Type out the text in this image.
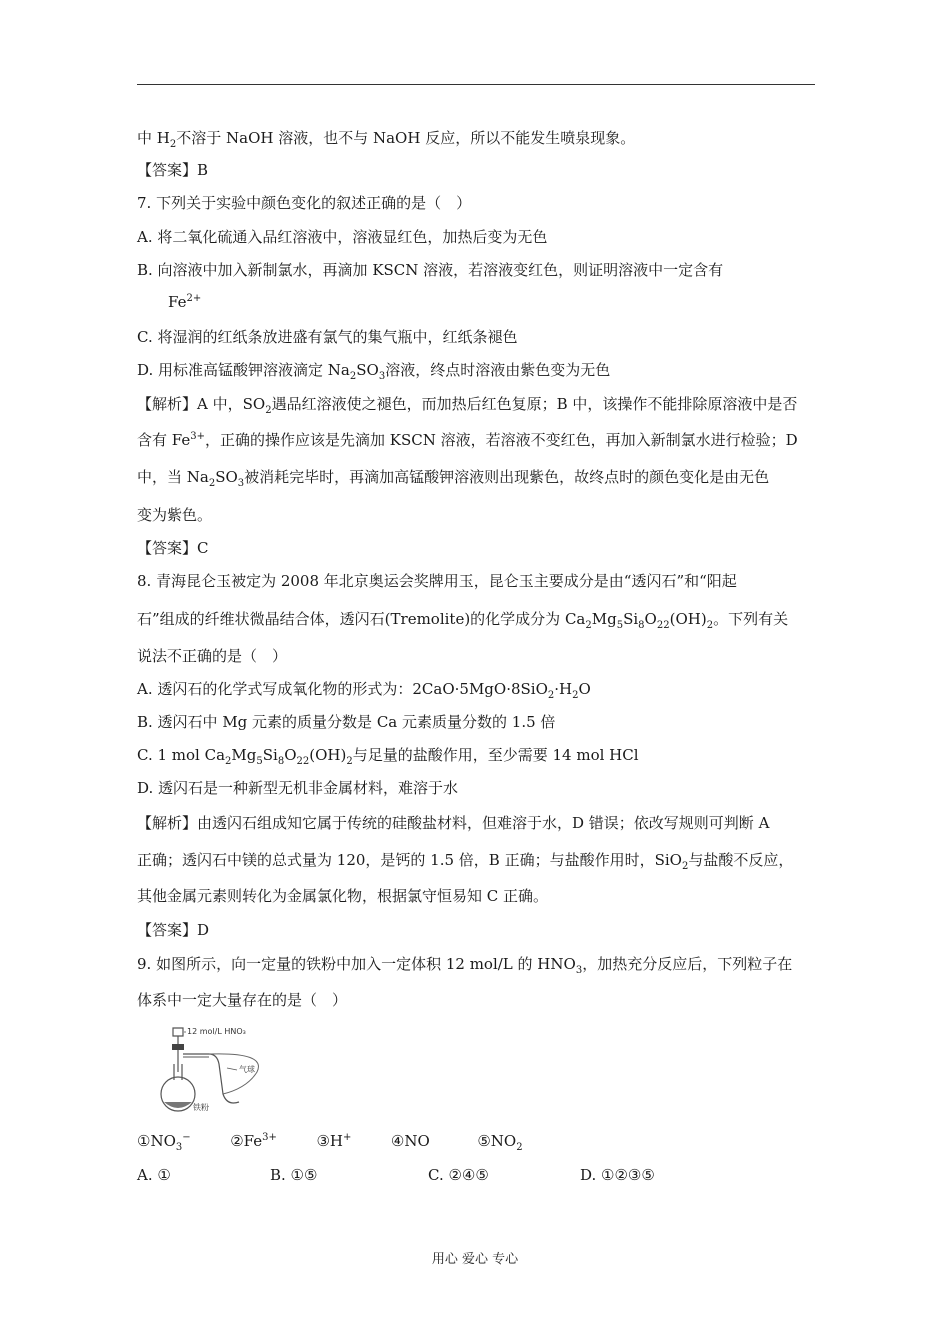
中 $H_2$不溶于 NaOH 溶液，也不与 NaOH 反应，所以不能发生喷泉现象。
【答案】B
7. 下列关于实验中颜色变化的叙述正确的是（　）
A. 将二氧化硫通入品红溶液中，溶液显红色，加热后变为无色
B. 向溶液中加入新制氯水，再滴加 KSCN 溶液，若溶液变红色，则证明溶液中一定含有
$Fe^{2+}$
C. 将湿润的红纸条放进盛有氯气的集气瓶中，红纸条褪色
D. 用标准高锰酸钾溶液滴定 $Na_2SO_3$溶液，终点时溶液由紫色变为无色
【解析】A 中，$SO_2$遇品红溶液使之褪色，而加热后红色复原；B 中，该操作不能排除原溶液中是否
含有 $Fe^{3+}$，正确的操作应该是先滴加 KSCN 溶液，若溶液不变红色，再加入新制氯水进行检验；D
中，当 $Na_2SO_3$被消耗完毕时，再滴加高锰酸钾溶液则出现紫色，故终点时的颜色变化是由无色
变为紫色。
【答案】C
8. 青海昆仑玉被定为 2008 年北京奥运会奖牌用玉，昆仑玉主要成分是由“透闪石”和“阳起
石”组成的纤维状微晶结合体，透闪石(Tremolite)的化学成分为 $Ca_2Mg_5Si_8O_{22}(OH)_2$。下列有关
说法不正确的是（　）
A. 透闪石的化学式写成氧化物的形式为：$2CaO\cdot 5MgO\cdot 8SiO_2\cdot H_2O$
B. 透闪石中 Mg 元素的质量分数是 Ca 元素质量分数的 1.5 倍
C. 1 mol $Ca_2Mg_5Si_8O_{22}(OH)_2$与足量的盐酸作用，至少需要 14 mol HCl
D. 透闪石是一种新型无机非金属材料，难溶于水
【解析】由透闪石组成知它属于传统的硅酸盐材料，但难溶于水，D 错误；依改写规则可判断 A
正确；透闪石中镁的总式量为 120，是钙的 1.5 倍，B 正确；与盐酸作用时，SiO$_2$与盐酸不反应，
其他金属元素则转化为金属氯化物，根据氯守恒易知 C 正确。
【答案】D
9. 如图所示，向一定量的铁粉中加入一定体积 12 mol/L 的 $HNO_3$，加热充分反应后，下列粒子在
体系中一定大量存在的是（　）
12 mol/L HNO₃
气球
铁粉
$①NO_3^-$	$②Fe^{3+}$	③H+	④NO	$⑤NO_2$
A. ①	B. ①⑤	C. ②④⑤	D. ①②③⑤
用心 爱心 专心
